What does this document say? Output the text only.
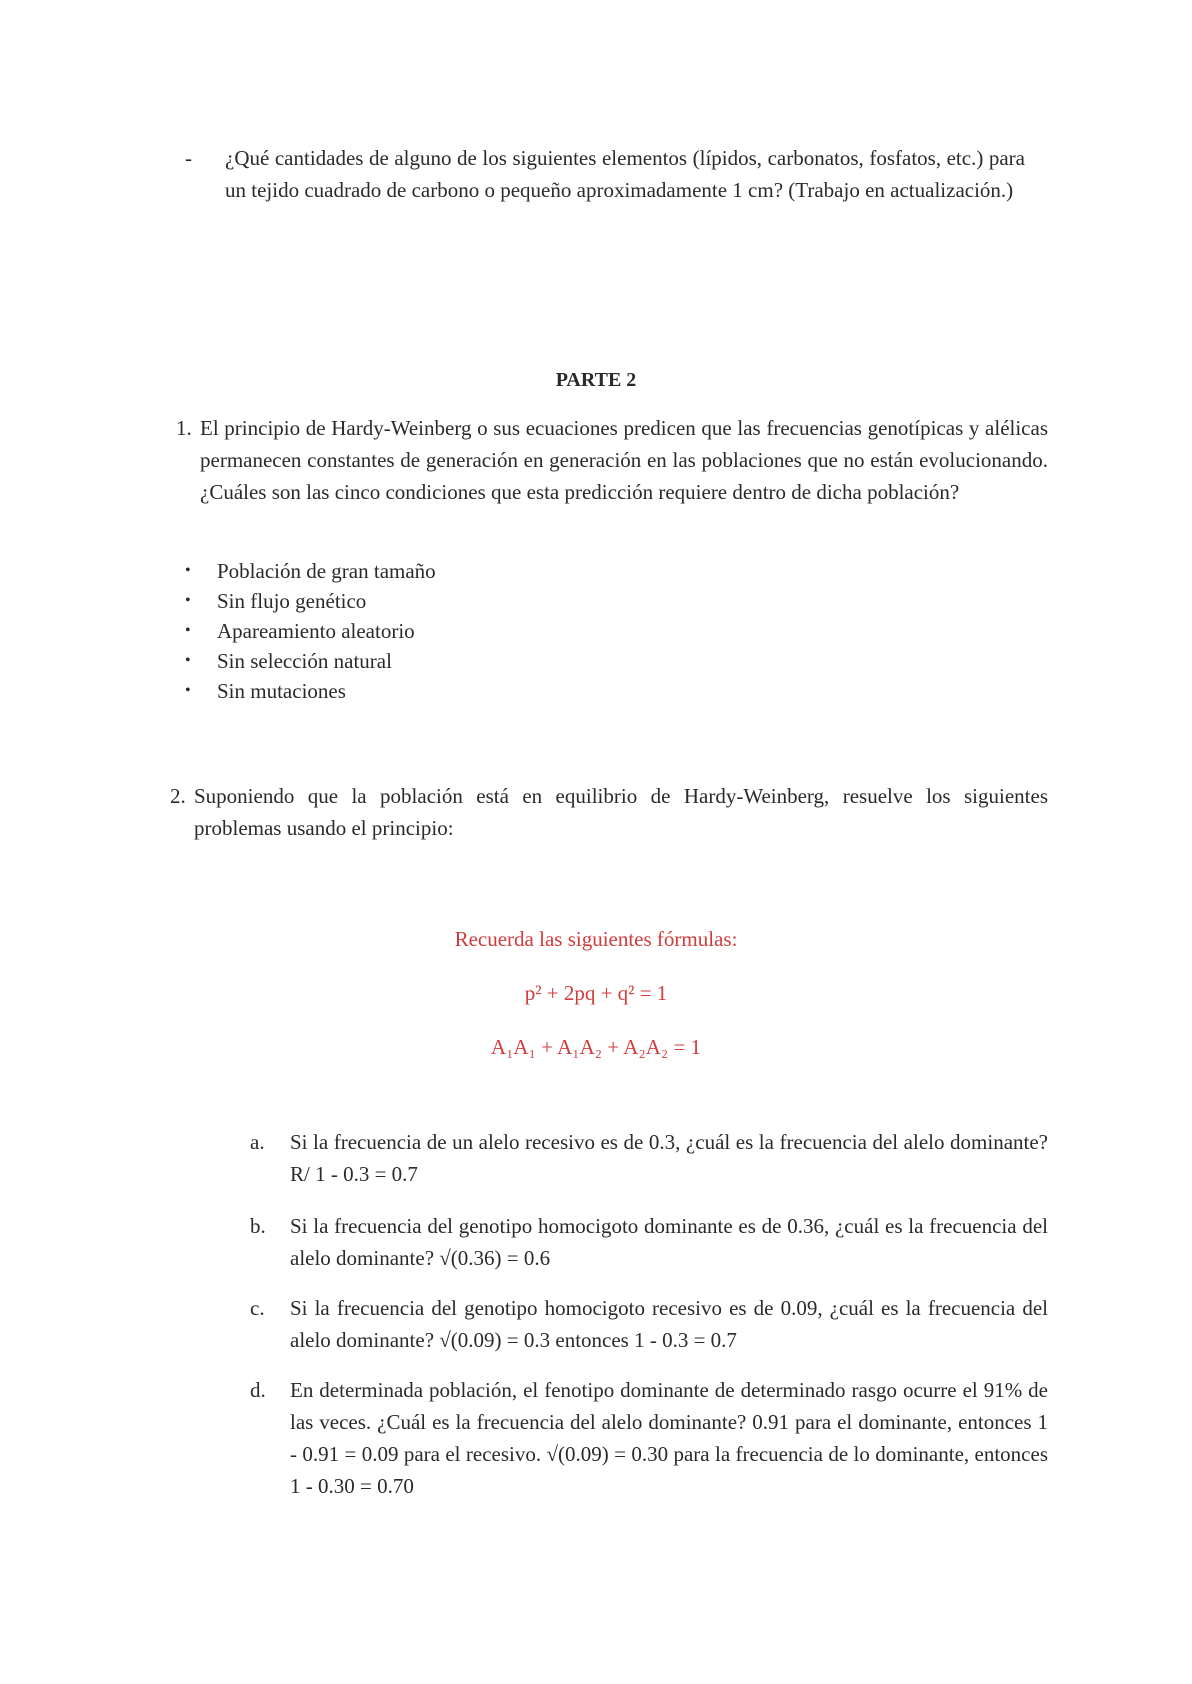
- ¿Qué cantidades de alguno de los siguientes elementos (lípidos, carbonatos, fosfatos, etc.) para un tejido cuadrado de carbono o pequeño aproximadamente 1 cm? (Trabajo en actualización.)
PARTE 2
1. El principio de Hardy-Weinberg o sus ecuaciones predicen que las frecuencias genotípicas y alélicas permanecen constantes de generación en generación en las poblaciones que no están evolucionando. ¿Cuáles son las cinco condiciones que esta predicción requiere dentro de dicha población?
• Población de gran tamaño
• Sin flujo genético
• Apareamiento aleatorio
• Sin selección natural
• Sin mutaciones
2. Suponiendo que la población está en equilibrio de Hardy-Weinberg, resuelve los siguientes problemas usando el principio:
Recuerda las siguientes fórmulas:
p² + 2pq + q² = 1
A₁A₁ + A₁A₂ + A₂A₂ = 1
a. Si la frecuencia de un alelo recesivo es de 0.3, ¿cuál es la frecuencia del alelo dominante? R/ 1 - 0.3 = 0.7
b. Si la frecuencia del genotipo homocigoto dominante es de 0.36, ¿cuál es la frecuencia del alelo dominante? √(0.36) = 0.6
c. Si la frecuencia del genotipo homocigoto recesivo es de 0.09, ¿cuál es la frecuencia del alelo dominante? √(0.09) = 0.3 entonces 1 - 0.3 = 0.7
d. En determinada población, el fenotipo dominante de determinado rasgo ocurre el 91% de las veces. ¿Cuál es la frecuencia del alelo dominante? 0.91 para el dominante, entonces 1 - 0.91 = 0.09 para el recesivo. √(0.09) = 0.30 para la frecuencia de lo dominante, entonces 1 - 0.30 = 0.70
